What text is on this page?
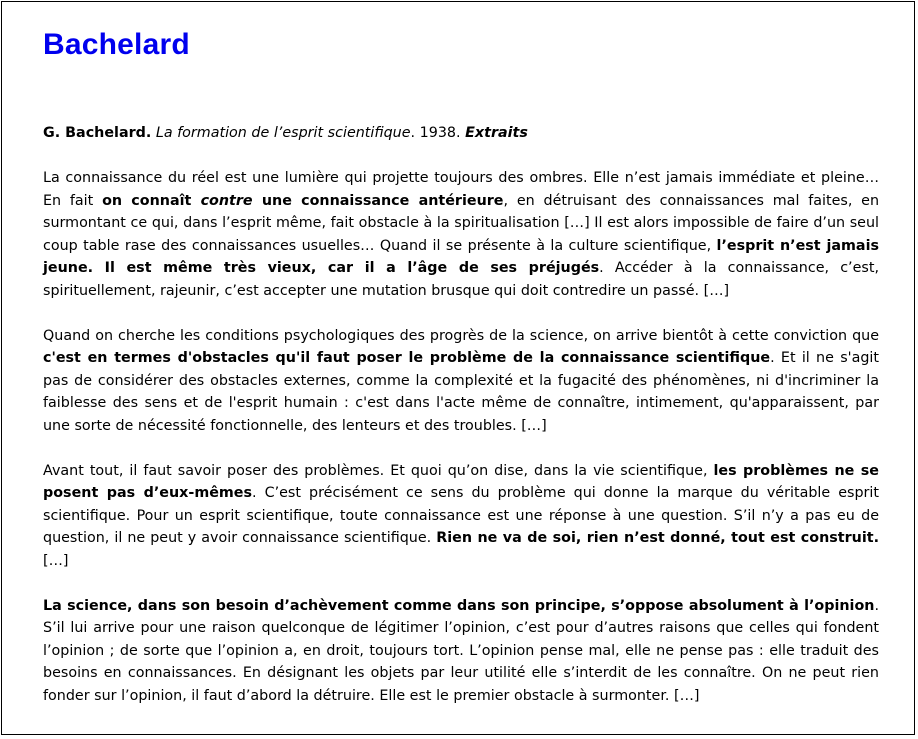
Bachelard

G. Bachelard. La formation de l’esprit scientifique. 1938. Extraits

La connaissance du réel est une lumière qui projette toujours des ombres. Elle n’est jamais immédiate et pleine… En fait on connaît contre une connaissance antérieure, en détruisant des connaissances mal faites, en surmontant ce qui, dans l’esprit même, fait obstacle à la spiritualisation […] Il est alors impossible de faire d’un seul coup table rase des connaissances usuelles… Quand il se présente à la culture scientifique, l’esprit n’est jamais jeune. Il est même très vieux, car il a l’âge de ses préjugés. Accéder à la connaissance, c’est, spirituellement, rajeunir, c’est accepter une mutation brusque qui doit contredire un passé. […]

Quand on cherche les conditions psychologiques des progrès de la science, on arrive bientôt à cette conviction que c'est en termes d'obstacles qu'il faut poser le problème de la connaissance scientifique. Et il ne s'agit pas de considérer des obstacles externes, comme la complexité et la fugacité des phénomènes, ni d'incriminer la faiblesse des sens et de l'esprit humain : c'est dans l'acte même de connaître, intimement, qu'apparaissent, par une sorte de nécessité fonctionnelle, des lenteurs et des troubles. […]

Avant tout, il faut savoir poser des problèmes. Et quoi qu’on dise, dans la vie scientifique, les problèmes ne se posent pas d’eux-mêmes. C’est précisément ce sens du problème qui donne la marque du véritable esprit scientifique. Pour un esprit scientifique, toute connaissance est une réponse à une question. S’il n’y a pas eu de question, il ne peut y avoir connaissance scientifique. Rien ne va de soi, rien n’est donné, tout est construit. […]

La science, dans son besoin d’achèvement comme dans son principe, s’oppose absolument à l’opinion. S’il lui arrive pour une raison quelconque de légitimer l’opinion, c’est pour d’autres raisons que celles qui fondent l’opinion ; de sorte que l’opinion a, en droit, toujours tort. L’opinion pense mal, elle ne pense pas : elle traduit des besoins en connaissances. En désignant les objets par leur utilité elle s’interdit de les connaître. On ne peut rien fonder sur l’opinion, il faut d’abord la détruire. Elle est le premier obstacle à surmonter. […]
